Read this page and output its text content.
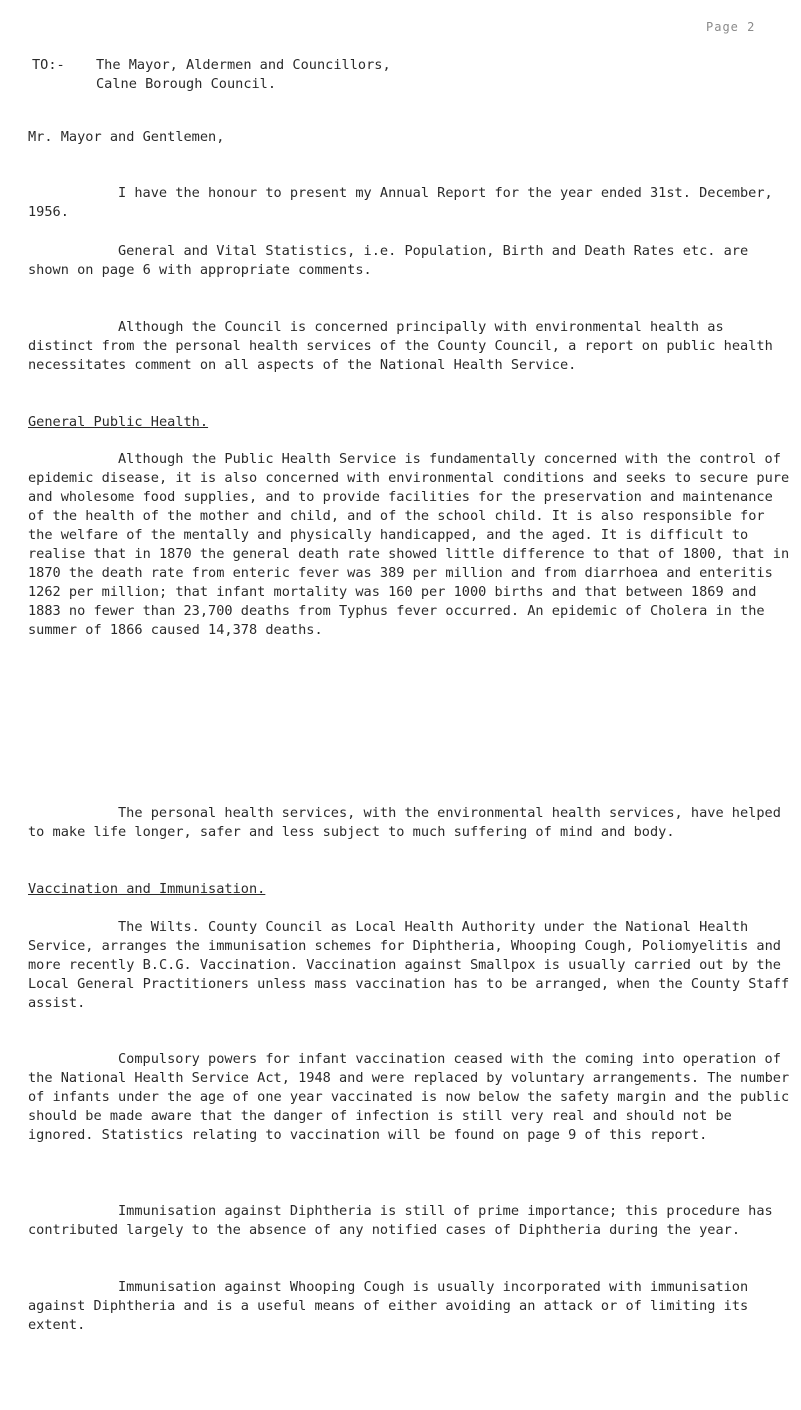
Page 2
TO:- The Mayor, Aldermen and Councillors,
Calne Borough Council.
Mr. Mayor and Gentlemen,

I have the honour to present my Annual Report for the year ended 31st. December, 1956.

General and Vital Statistics, i.e. Population, Birth and Death Rates etc. are shown on page 6 with appropriate comments.

Although the Council is concerned principally with environmental health as distinct from the personal health services of the County Council, a report on public health necessitates comment on all aspects of the National Health Service.

General Public Health.

Although the Public Health Service is fundamentally concerned with the control of epidemic disease, it is also concerned with environmental conditions and seeks to secure pure and wholesome food supplies, and to provide facilities for the preservation and maintenance of the health of the mother and child, and of the school child. It is also responsible for the welfare of the mentally and physically handicapped, and the aged. It is difficult to realise that in 1870 the general death rate showed little difference to that of 1800, that in 1870 the death rate from enteric fever was 389 per million and from diarrhoea and enteritis 1262 per million; that infant mortality was 160 per 1000 births and that between 1869 and 1883 no fewer than 23,700 deaths from Typhus fever occurred. An epidemic of Cholera in the summer of 1866 caused 14,378 deaths.

The personal health services, with the environmental health services, have helped to make life longer, safer and less subject to much suffering of mind and body.

Vaccination and Immunisation.

The Wilts. County Council as Local Health Authority under the National Health Service, arranges the immunisation schemes for Diphtheria, Whooping Cough, Poliomyelitis and more recently B.C.G. Vaccination. Vaccination against Smallpox is usually carried out by the Local General Practitioners unless mass vaccination has to be arranged, when the County Staff assist.

Compulsory powers for infant vaccination ceased with the coming into operation of the National Health Service Act, 1948 and were replaced by voluntary arrangements. The number of infants under the age of one year vaccinated is now below the safety margin and the public should be made aware that the danger of infection is still very real and should not be ignored. Statistics relating to vaccination will be found on page 9 of this report.

Immunisation against Diphtheria is still of prime importance; this procedure has contributed largely to the absence of any notified cases of Diphtheria during the year.

Immunisation against Whooping Cough is usually incorporated with immunisation against Diphtheria and is a useful means of either avoiding an attack or of limiting its extent.
